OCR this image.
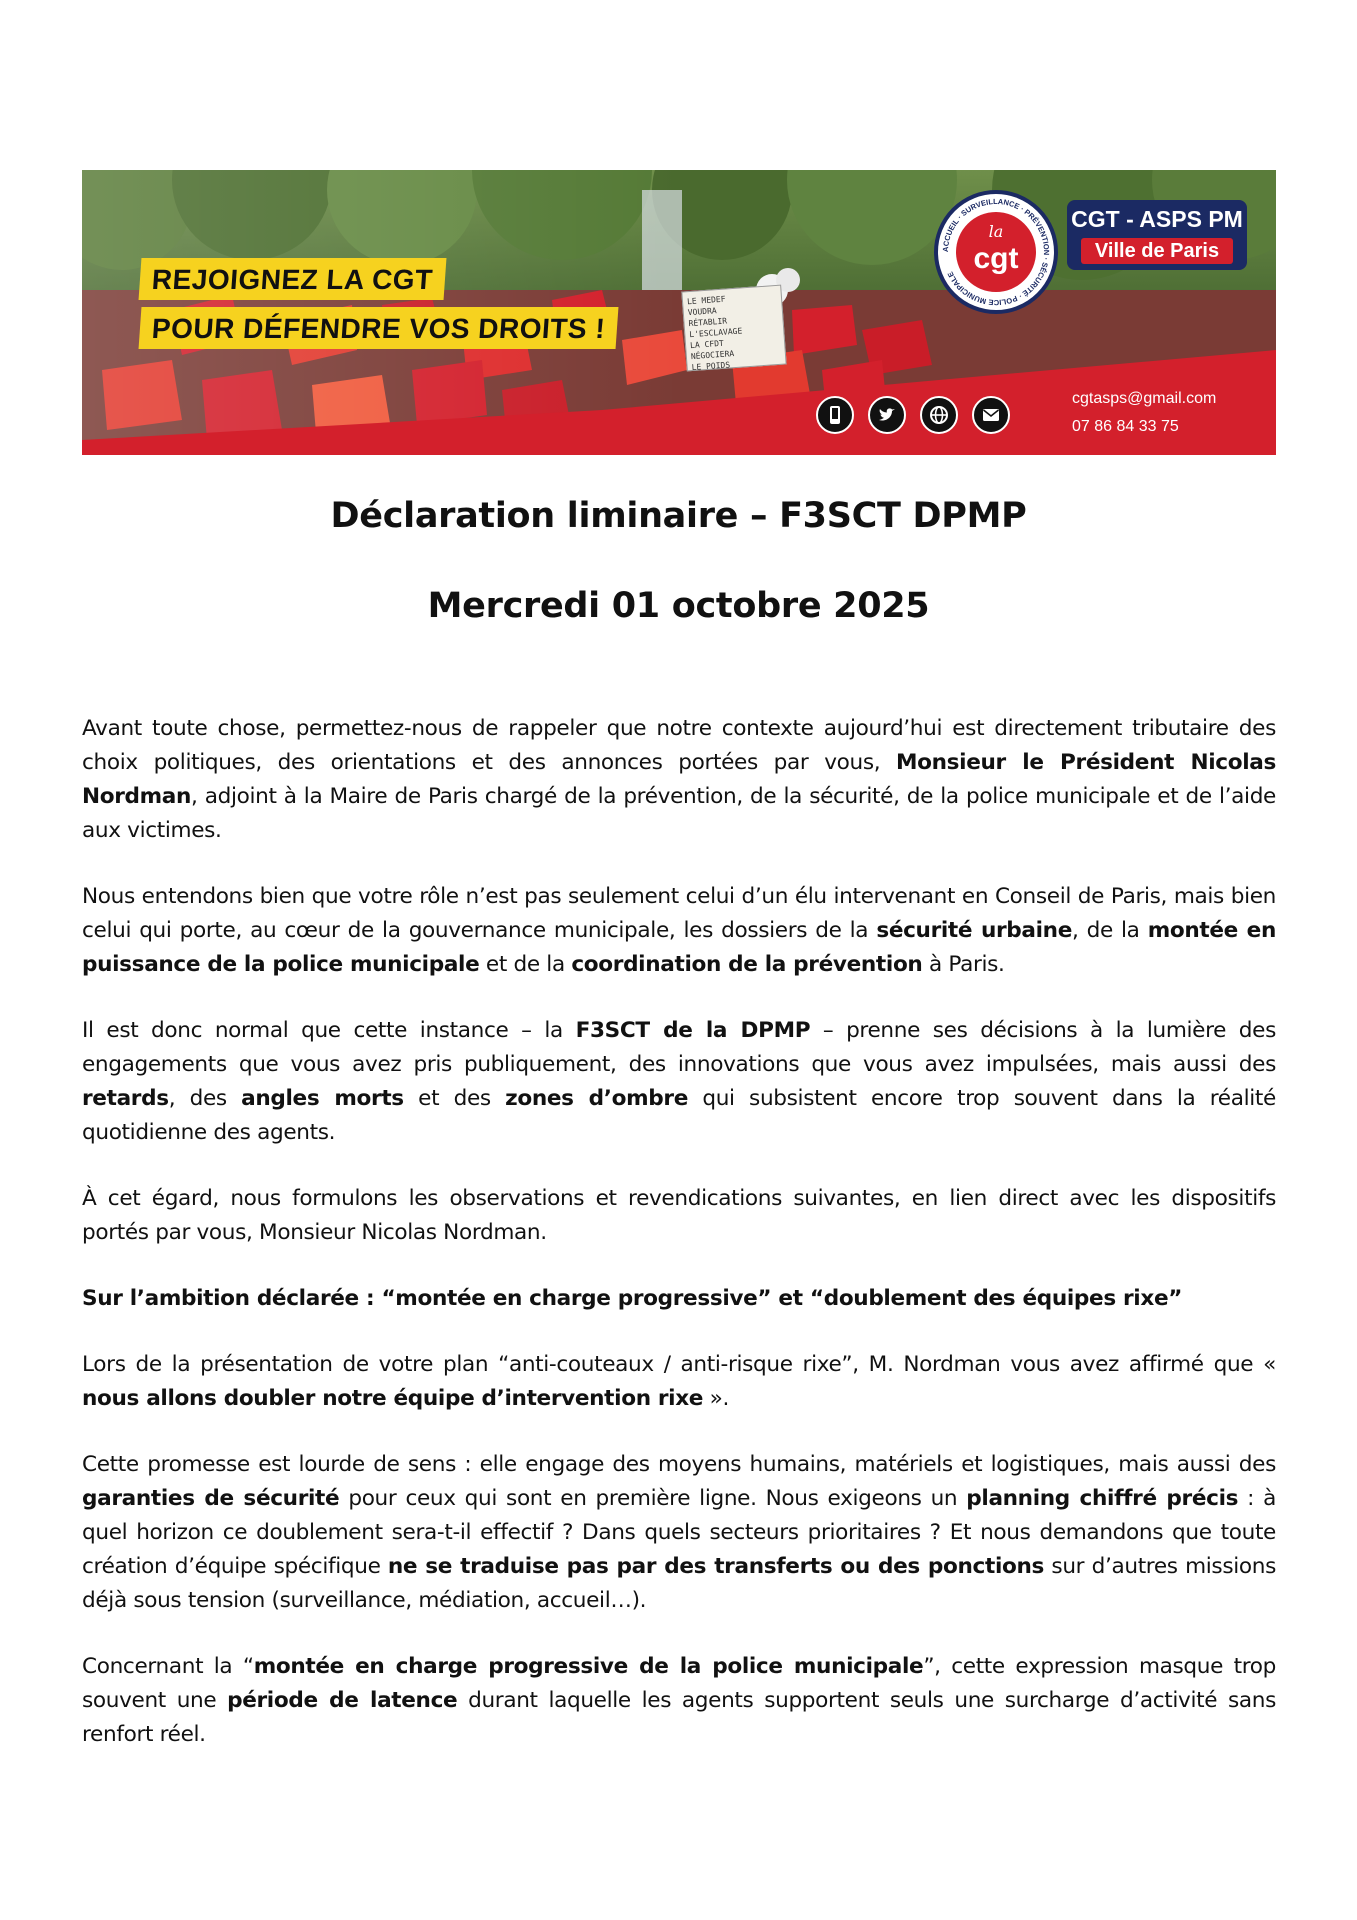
LE MEDEF
VOUDRA
RÉTABLIR
L'ESCLAVAGE
LA CFDT
NÉGOCIERA
LE POIDS
REJOIGNEZ LA CGT
POUR DÉFENDRE VOS DROITS !
ACCUEIL · SURVEILLANCE · PRÉVENTION · SÉCURITÉ · POLICE MUNICIPALE
la
cgt
CGT - ASPS PM
Ville de Paris
cgtasps@gmail.com
07 86 84 33 75
Déclaration liminaire – F3SCT DPMP
Mercredi 01 octobre 2025

Avant toute chose, permettez-nous de rappeler que notre contexte aujourd’hui est directement tributaire des choix politiques, des orientations et des annonces portées par vous, Monsieur le Président Nicolas Nordman, adjoint à la Maire de Paris chargé de la prévention, de la sécurité, de la police municipale et de l’aide aux victimes.

Nous entendons bien que votre rôle n’est pas seulement celui d’un élu intervenant en Conseil de Paris, mais bien celui qui porte, au cœur de la gouvernance municipale, les dossiers de la sécurité urbaine, de la montée en puissance de la police municipale et de la coordination de la prévention à Paris.

Il est donc normal que cette instance – la F3SCT de la DPMP – prenne ses décisions à la lumière des engagements que vous avez pris publiquement, des innovations que vous avez impulsées, mais aussi des retards, des angles morts et des zones d’ombre qui subsistent encore trop souvent dans la réalité quotidienne des agents.

À cet égard, nous formulons les observations et revendications suivantes, en lien direct avec les dispositifs portés par vous, Monsieur Nicolas Nordman.

Sur l’ambition déclarée : “montée en charge progressive” et “doublement des équipes rixe”

Lors de la présentation de votre plan “anti-couteaux / anti-risque rixe”, M. Nordman vous avez affirmé que « nous allons doubler notre équipe d’intervention rixe ».

Cette promesse est lourde de sens : elle engage des moyens humains, matériels et logistiques, mais aussi des garanties de sécurité pour ceux qui sont en première ligne. Nous exigeons un planning chiffré précis : à quel horizon ce doublement sera-t-il effectif ? Dans quels secteurs prioritaires ? Et nous demandons que toute création d’équipe spécifique ne se traduise pas par des transferts ou des ponctions sur d’autres missions déjà sous tension (surveillance, médiation, accueil…).

Concernant la “montée en charge progressive de la police municipale”, cette expression masque trop souvent une période de latence durant laquelle les agents supportent seuls une surcharge d’activité sans renfort réel.
